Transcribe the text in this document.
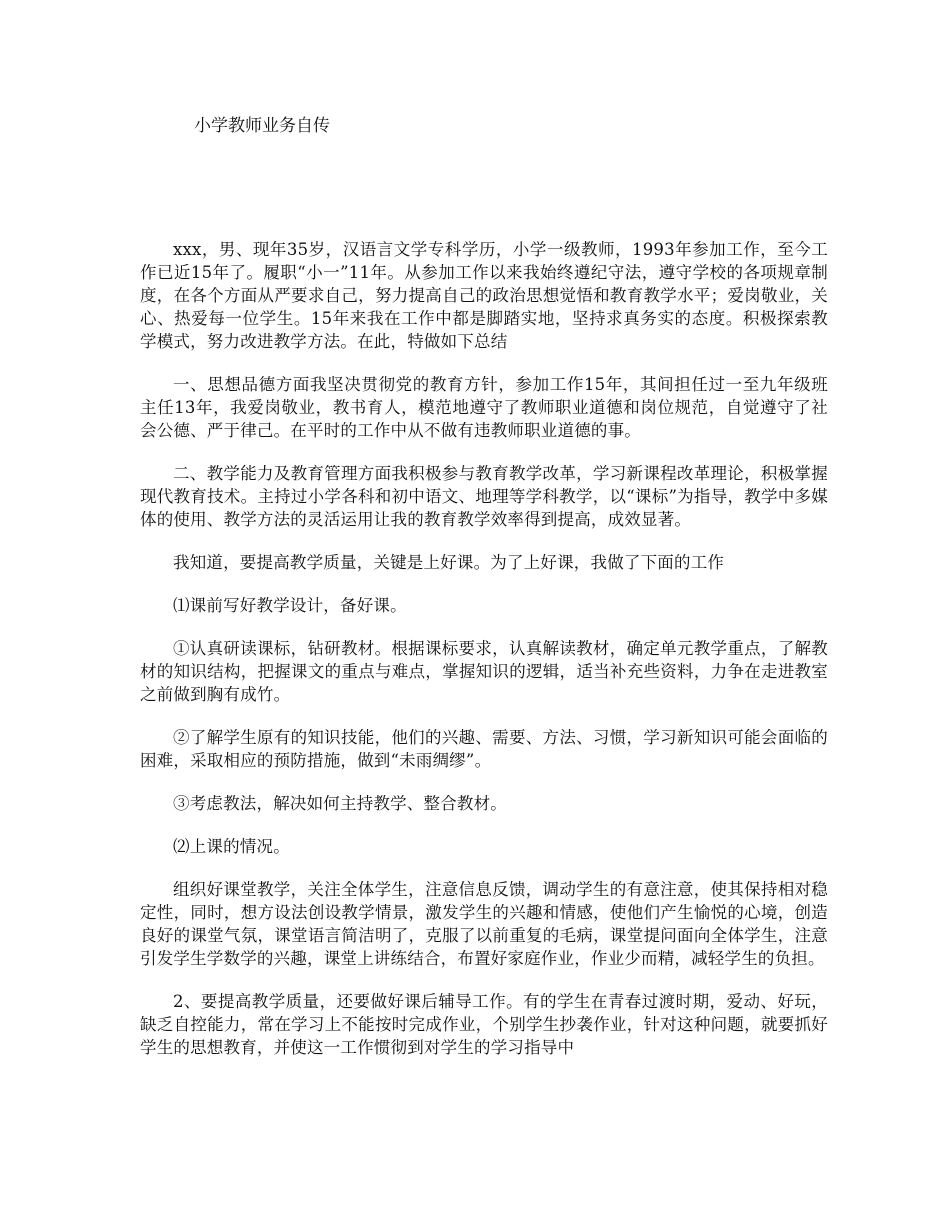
小学教师业务自传

xxx，男、现年35岁，汉语言文学专科学历，小学一级教师，1993年参加工作，至今工作已近15年了。履职“小一”11年。从参加工作以来我始终遵纪守法，遵守学校的各项规章制度，在各个方面从严要求自己，努力提高自己的政治思想觉悟和教育教学水平；爱岗敬业，关心、热爱每一位学生。15年来我在工作中都是脚踏实地，坚持求真务实的态度。积极探索教学模式，努力改进教学方法。在此，特做如下总结

一、思想品德方面我坚决贯彻党的教育方针，参加工作15年，其间担任过一至九年级班主任13年，我爱岗敬业，教书育人，模范地遵守了教师职业道德和岗位规范，自觉遵守了社会公德、严于律己。在平时的工作中从不做有违教师职业道德的事。

二、教学能力及教育管理方面我积极参与教育教学改革，学习新课程改革理论，积极掌握现代教育技术。主持过小学各科和初中语文、地理等学科教学，以“课标”为指导，教学中多媒体的使用、教学方法的灵活运用让我的教育教学效率得到提高，成效显著。

我知道，要提高教学质量，关键是上好课。为了上好课，我做了下面的工作

⑴课前写好教学设计，备好课。

①认真研读课标，钻研教材。根据课标要求，认真解读教材，确定单元教学重点，了解教材的知识结构，把握课文的重点与难点，掌握知识的逻辑，适当补充些资料，力争在走进教室之前做到胸有成竹。

②了解学生原有的知识技能，他们的兴趣、需要、方法、习惯，学习新知识可能会面临的困难，采取相应的预防措施，做到“未雨绸缪”。

③考虑教法，解决如何主持教学、整合教材。

⑵上课的情况。

组织好课堂教学，关注全体学生，注意信息反馈，调动学生的有意注意，使其保持相对稳定性，同时，想方设法创设教学情景，激发学生的兴趣和情感，使他们产生愉悦的心境，创造良好的课堂气氛，课堂语言简洁明了，克服了以前重复的毛病，课堂提问面向全体学生，注意引发学生学数学的兴趣，课堂上讲练结合，布置好家庭作业，作业少而精，减轻学生的负担。

2、要提高教学质量，还要做好课后辅导工作。有的学生在青春过渡时期，爱动、好玩，缺乏自控能力，常在学习上不能按时完成作业，个别学生抄袭作业，针对这种问题，就要抓好学生的思想教育，并使这一工作惯彻到对学生的学习指导中
